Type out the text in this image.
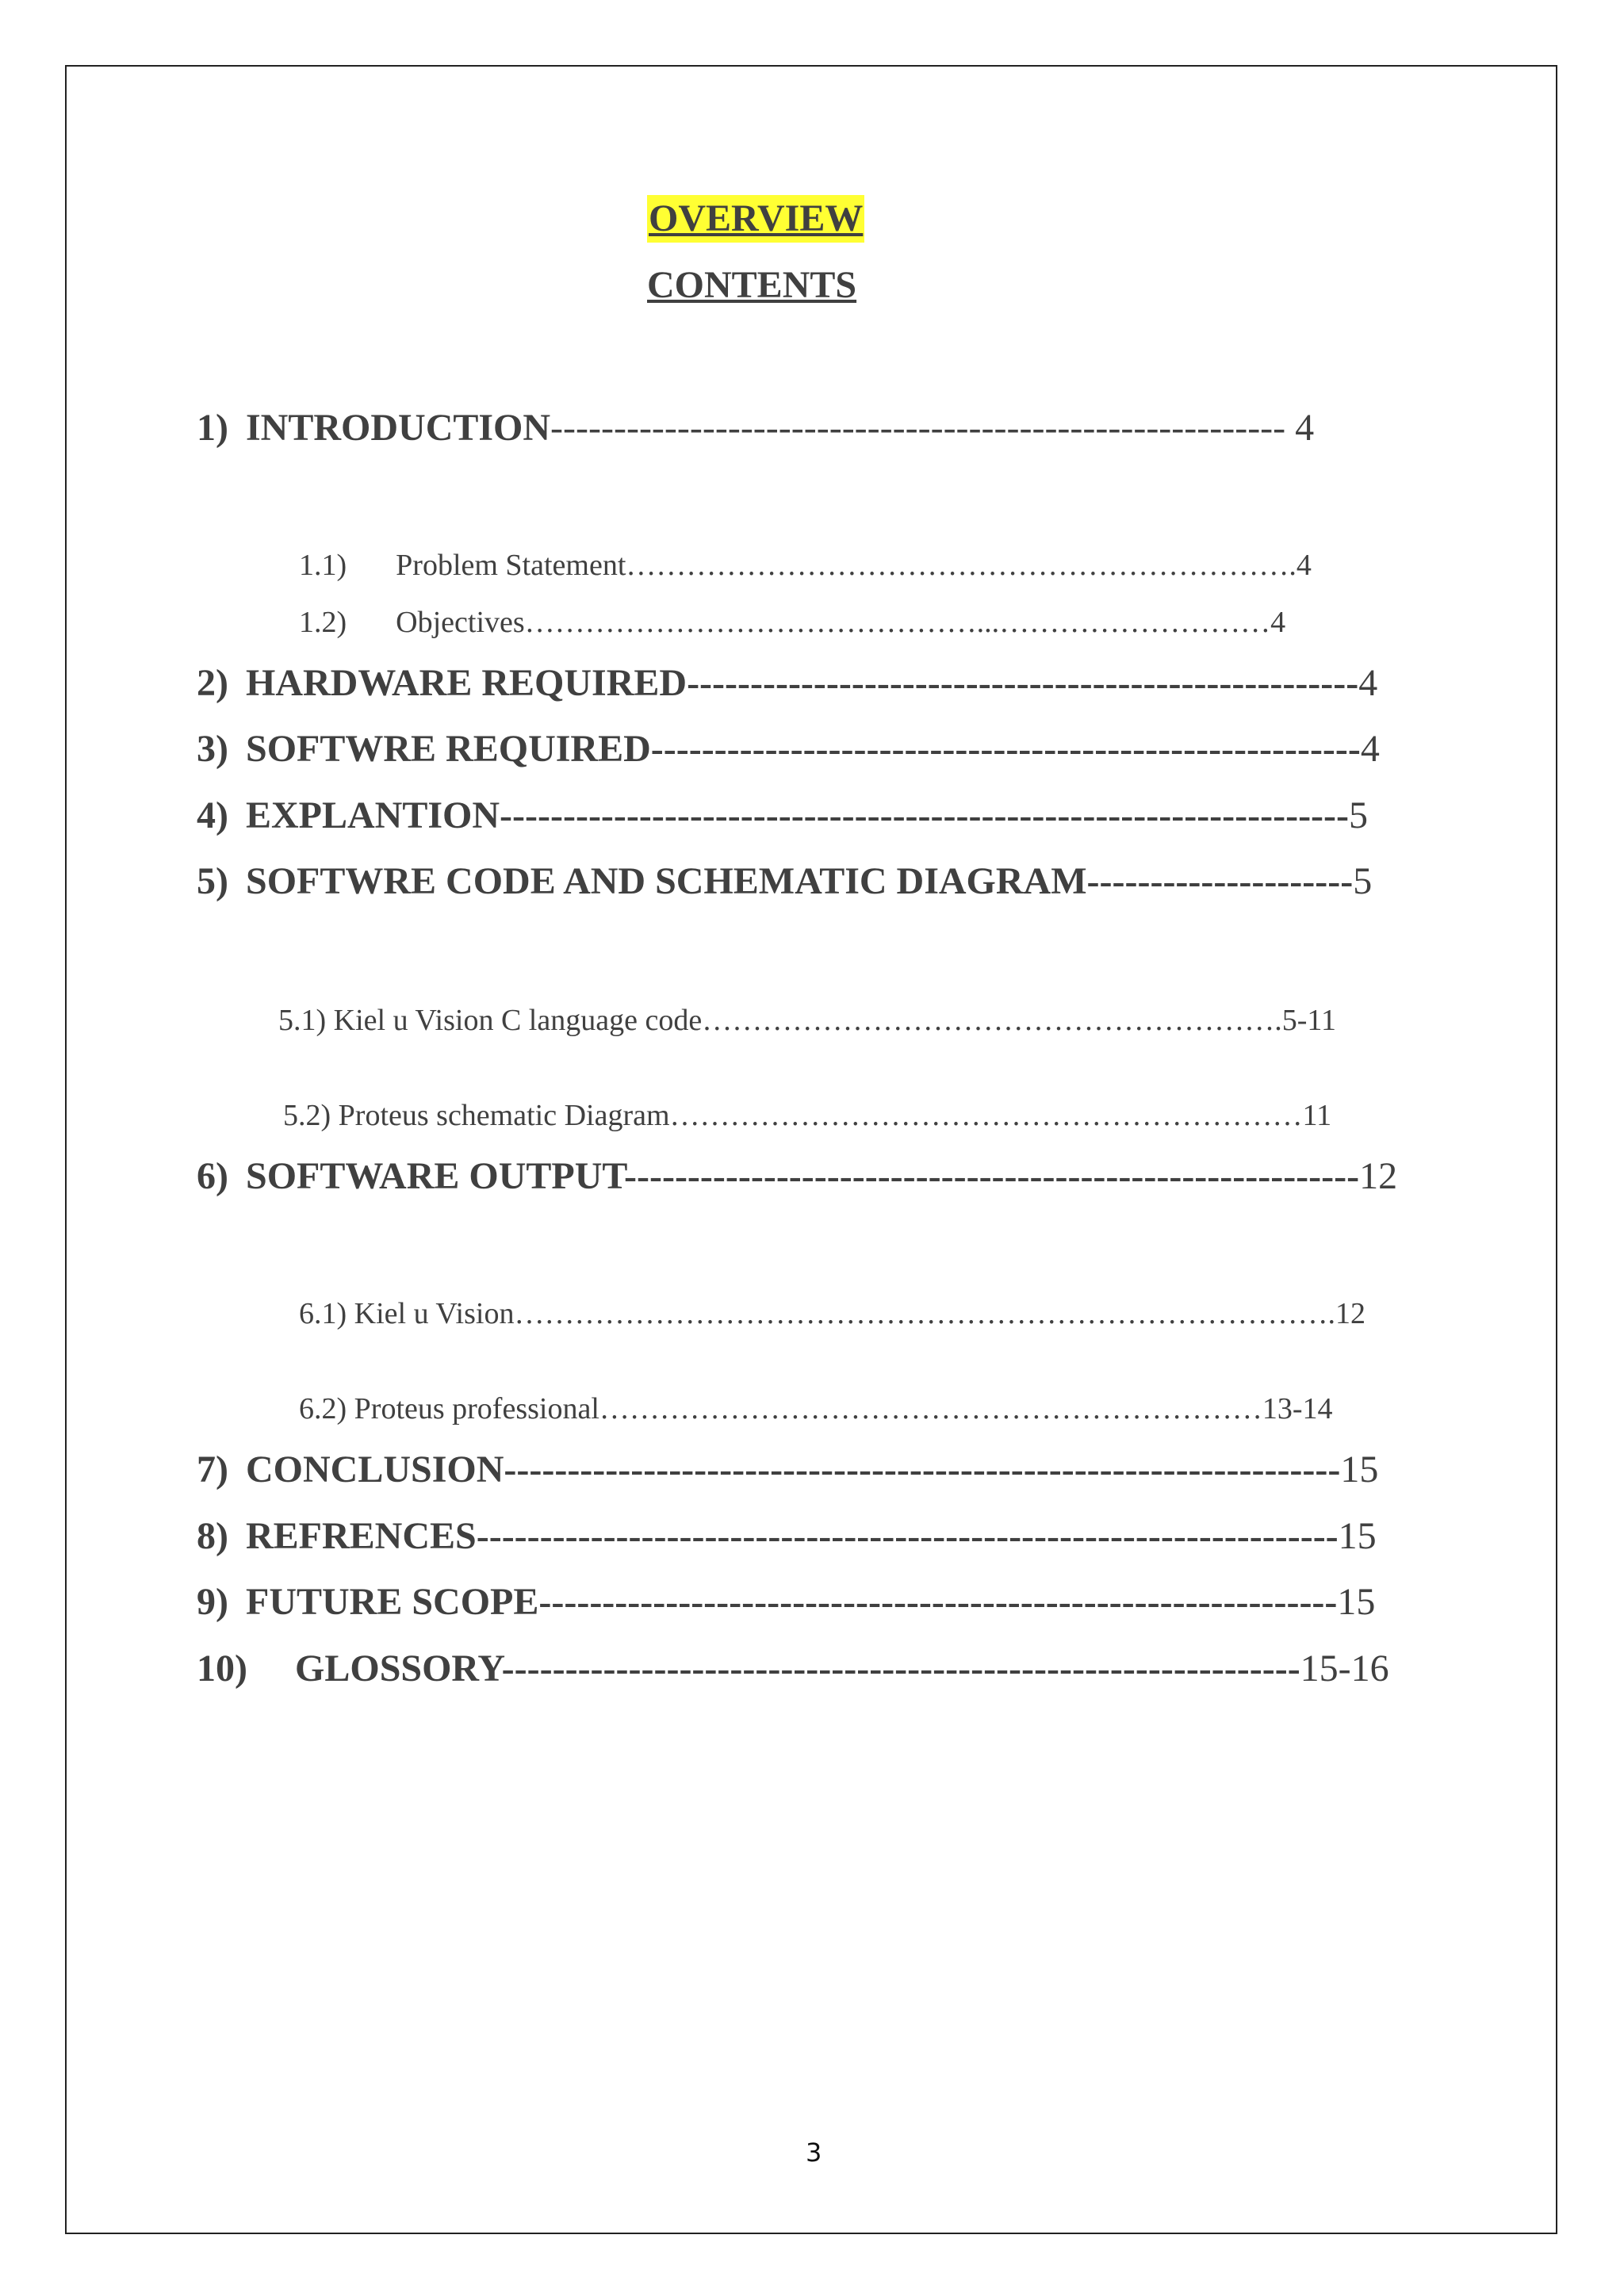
OVERVIEW
CONTENTS

1)

INTRODUCTION---------------------------------------------------------- 4

1.1) Problem Statement………………………………………………………….4

1.2) Objectives………………………………………...………………………4

2)

HARDWARE REQUIRED-----------------------------------------------------4

3)

SOFTWRE REQUIRED--------------------------------------------------------4

4)

EXPLANTION-------------------------------------------------------------------5

5)

SOFTWRE CODE AND SCHEMATIC DIAGRAM---------------------5

5.1) Kiel u Vision C language code………………………………………………….5-11

5.2) Proteus schematic Diagram………………………………………………………11

6)

SOFTWARE OUTPUT----------------------------------------------------------12

6.1) Kiel u Vision……………………………………………………………………….12

6.2) Proteus professional…………………………………………………………13-14

7)

CONCLUSION------------------------------------------------------------------15

8)

REFRENCES--------------------------------------------------------------------15

9)

FUTURE SCOPE---------------------------------------------------------------15

10)

GLOSSORY---------------------------------------------------------------15-16

3
